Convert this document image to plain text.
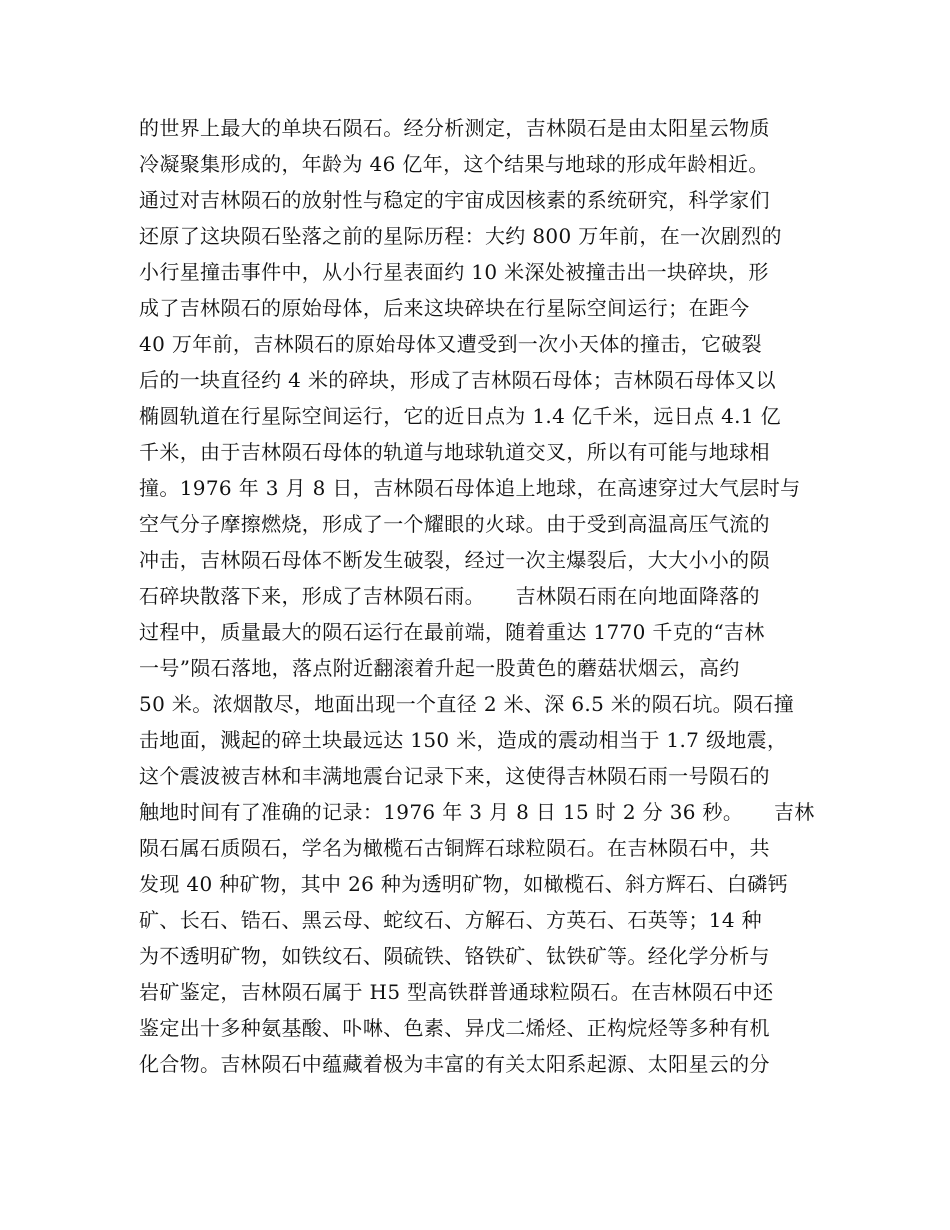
的世界上最大的单块石陨石。经分析测定，吉林陨石是由太阳星云物质
冷凝聚集形成的，年龄为 46 亿年，这个结果与地球的形成年龄相近。
通过对吉林陨石的放射性与稳定的宇宙成因核素的系统研究，科学家们
还原了这块陨石坠落之前的星际历程：大约 800 万年前，在一次剧烈的
小行星撞击事件中，从小行星表面约 10 米深处被撞击出一块碎块，形
成了吉林陨石的原始母体，后来这块碎块在行星际空间运行；在距今
40 万年前，吉林陨石的原始母体又遭受到一次小天体的撞击，它破裂
后的一块直径约 4 米的碎块，形成了吉林陨石母体；吉林陨石母体又以
椭圆轨道在行星际空间运行，它的近日点为 1.4 亿千米，远日点 4.1 亿
千米，由于吉林陨石母体的轨道与地球轨道交叉，所以有可能与地球相
撞。1976 年 3 月 8 日，吉林陨石母体追上地球，在高速穿过大气层时与
空气分子摩擦燃烧，形成了一个耀眼的火球。由于受到高温高压气流的
冲击，吉林陨石母体不断发生破裂，经过一次主爆裂后，大大小小的陨
石碎块散落下来，形成了吉林陨石雨。　　吉林陨石雨在向地面降落的
过程中，质量最大的陨石运行在最前端，随着重达 1770 千克的“吉林
一号”陨石落地，落点附近翻滚着升起一股黄色的蘑菇状烟云，高约
50 米。浓烟散尽，地面出现一个直径 2 米、深 6.5 米的陨石坑。陨石撞
击地面，溅起的碎土块最远达 150 米，造成的震动相当于 1.7 级地震，
这个震波被吉林和丰满地震台记录下来，这使得吉林陨石雨一号陨石的
触地时间有了准确的记录：1976 年 3 月 8 日 15 时 2 分 36 秒。　　吉林
陨石属石质陨石，学名为橄榄石古铜辉石球粒陨石。在吉林陨石中，共
发现 40 种矿物，其中 26 种为透明矿物，如橄榄石、斜方辉石、白磷钙
矿、长石、锆石、黑云母、蛇纹石、方解石、方英石、石英等；14 种
为不透明矿物，如铁纹石、陨硫铁、铬铁矿、钛铁矿等。经化学分析与
岩矿鉴定，吉林陨石属于 H5 型高铁群普通球粒陨石。在吉林陨石中还
鉴定出十多种氨基酸、卟啉、色素、异戊二烯烃、正构烷烃等多种有机
化合物。吉林陨石中蕴藏着极为丰富的有关太阳系起源、太阳星云的分
